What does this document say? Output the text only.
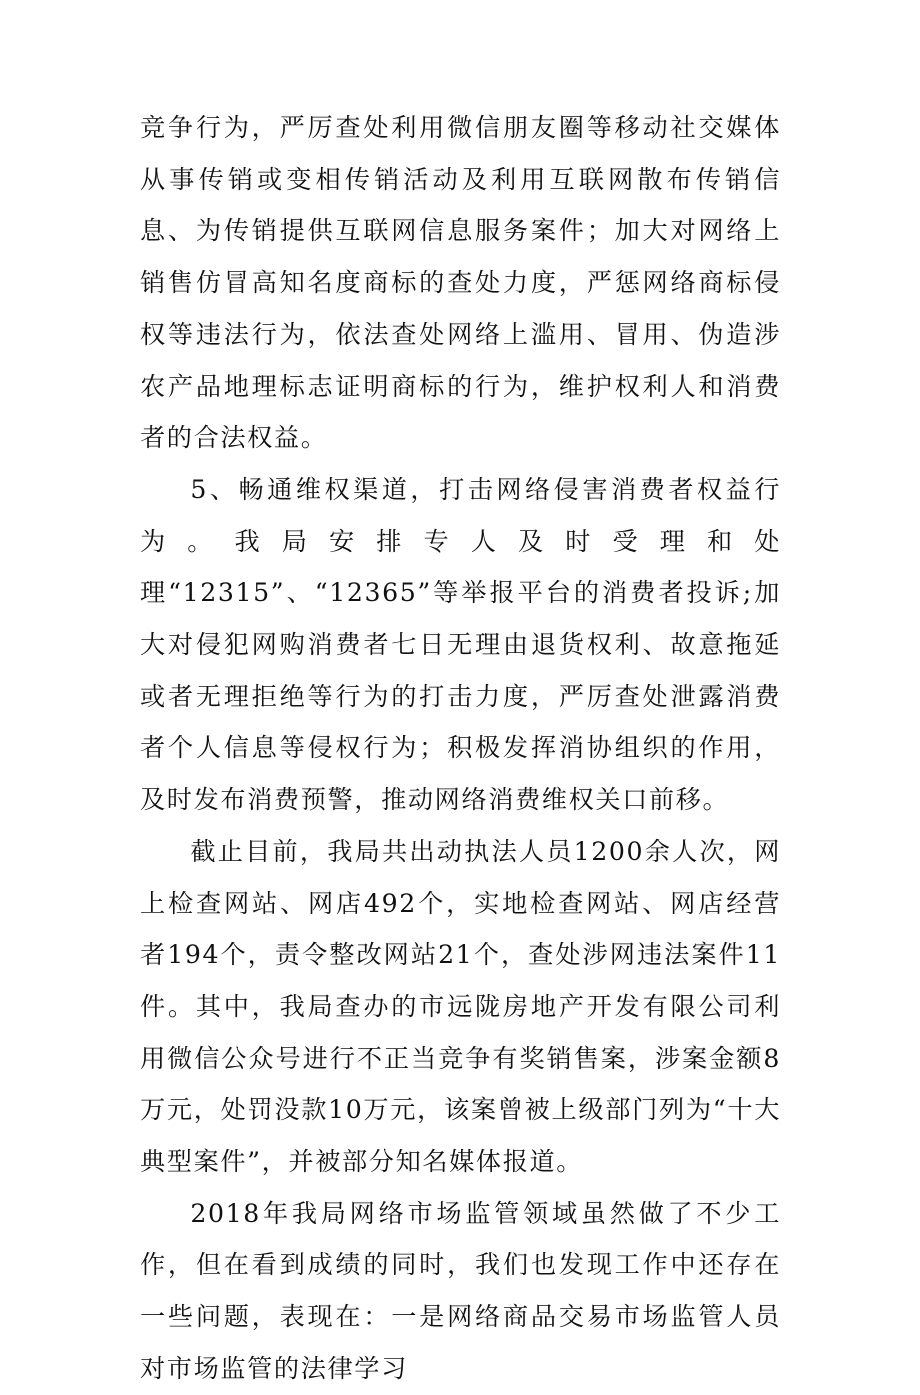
竞争行为，严厉查处利用微信朋友圈等移动社交媒体从事传销或变相传销活动及利用互联网散布传销信息、为传销提供互联网信息服务案件；加大对网络上销售仿冒高知名度商标的查处力度，严惩网络商标侵权等违法行为，依法查处网络上滥用、冒用、伪造涉农产品地理标志证明商标的行为，维护权利人和消费者的合法权益。

5、畅通维权渠道，打击网络侵害消费者权益行为。我局安排专人及时受理和处理“12315”、“12365”等举报平台的消费者投诉;加大对侵犯网购消费者七日无理由退货权利、故意拖延或者无理拒绝等行为的打击力度，严厉查处泄露消费者个人信息等侵权行为；积极发挥消协组织的作用，及时发布消费预警，推动网络消费维权关口前移。

截止目前，我局共出动执法人员1200余人次，网上检查网站、网店492个，实地检查网站、网店经营者194个，责令整改网站21个，查处涉网违法案件11件。其中，我局查办的市远陇房地产开发有限公司利用微信公众号进行不正当竞争有奖销售案，涉案金额8万元，处罚没款10万元，该案曾被上级部门列为“十大典型案件”，并被部分知名媒体报道。

2018年我局网络市场监管领域虽然做了不少工作，但在看到成绩的同时，我们也发现工作中还存在一些问题，表现在：一是网络商品交易市场监管人员对市场监管的法律学习
